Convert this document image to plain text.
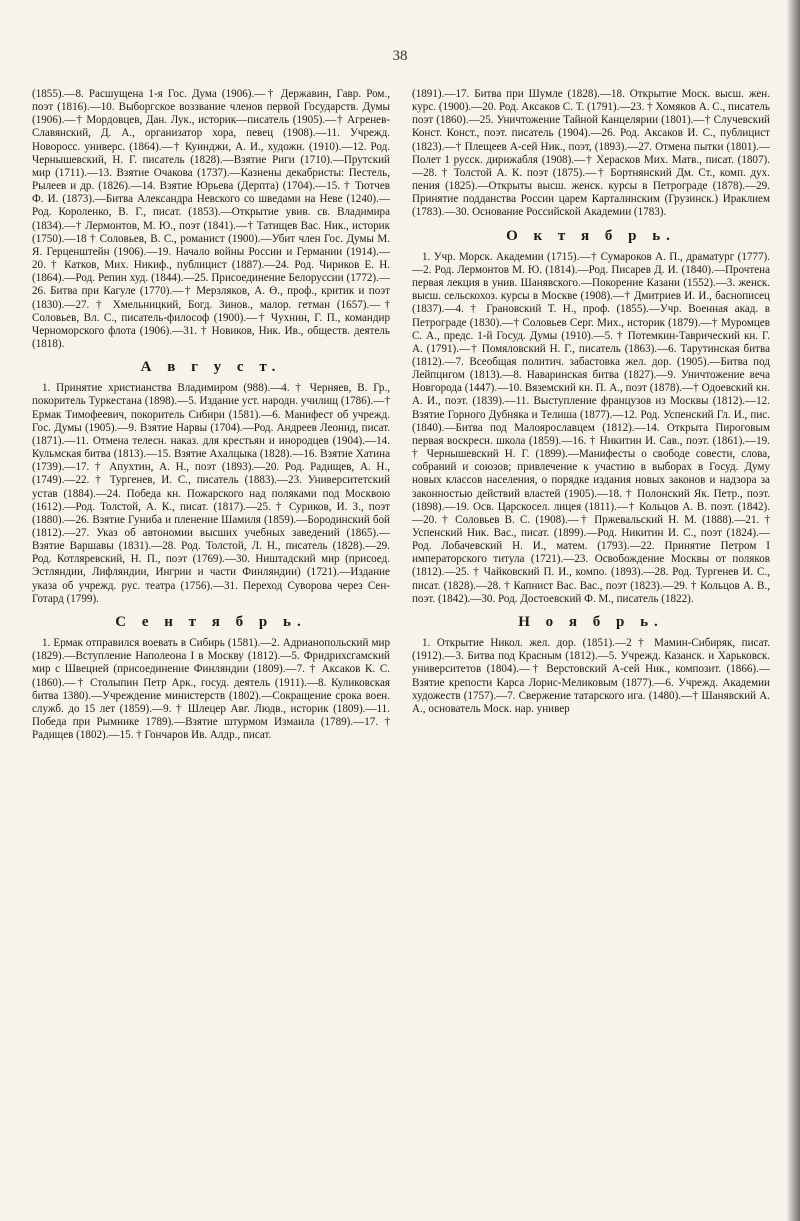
38

(1855).—8. Расшущена 1-я Гос. Дума (1906).—† Державин, Гавр. Ром., поэт (1816).—10. Выборгское воззвание членов первой Государств. Думы (1906).—† Мордовцев, Дан. Лук., историк—писатель (1905).—† Агренев-Славянский, Д. А., организатор хора, певец (1908).—11. Учрежд. Новоросс. универс. (1864).—† Куинджи, А. И., художн. (1910).—12. Род. Чернышевский, Н. Г. писатель (1828).—Взятие Риги (1710).—Прутский мир (1711).—13. Взятие Очакова (1737).—Казнены декабристы: Пестель, Рылеев и др. (1826).—14. Взятие Юрьева (Дерпта) (1704).—15. † Тютчев Ф. И. (1873).—Битва Александра Невского со шведами на Неве (1240).—Род. Короленко, В. Г., писат. (1853).—Открытие увив. св. Владимира (1834).—† Лермонтов, М. Ю., поэт (1841).—† Татищев Вас. Ник., историк (1750).—18 † Соловьев, В. С., романист (1900).—Убит член Гос. Думы М. Я. Герценштейн (1906).—19. Начало войны России и Германии (1914).—20. † Катков, Мих. Никиф., публицист (1887).—24. Род. Чириков Е. Н. (1864).—Род. Репин худ. (1844).—25. Присоединение Белоруссии (1772).—26. Битва при Кагуле (1770).—† Мерзляков, А. Ө., проф., критик и поэт (1830).—27. † Хмельницкий, Богд. Зинов., малор. гетман (1657).—† Соловьев, Вл. С., писатель-философ (1900).—† Чухнин, Г. П., командир Черноморского флота (1906).—31. † Новиков, Ник. Ив., обществ. деятель (1818).

А в г у с т.

1. Принятие христианства Владимиром (988).—4. † Черняев, В. Гр., покоритель Туркестана (1898).—5. Издание уст. народн. училищ (1786).—† Ермак Тимофеевич, покоритель Сибири (1581).—6. Манифест об учрежд. Гос. Думы (1905).—9. Взятие Нарвы (1704).—Род. Андреев Леонид, писат. (1871).—11. Отмена телесн. наказ. для крестьян и инородцев (1904).—14. Кульмская битва (1813).—15. Взятие Ахалцыка (1828).—16. Взятие Хатина (1739).—17. † Апухтин, А. Н., поэт (1893).—20. Род. Радищев, А. Н., (1749).—22. † Тургенев, И. С., писатель (1883).—23. Университетский устав (1884).—24. Победа кн. Пожарского над поляками под Москвою (1612).—Род. Толстой, А. К., писат. (1817).—25. † Суриков, И. З., поэт (1880).—26. Взятие Гуниба и пленение Шамиля (1859).—Бородинский бой (1812).—27. Указ об автономии высших учебных заведений (1865).—Взятие Варшавы (1831).—28. Род. Толстой, Л. Н., писатель (1828).—29. Род. Котляревский, Н. П., поэт (1769).—30. Ништадский мир (присоед. Эстляндии, Лифляндии, Ингрии и части Финляндии) (1721).—Издание указа об учрежд. рус. театра (1756).—31. Переход Суворова через Сен-Готард (1799).

С е н т я б р ь.

1. Ермак отправился воевать в Сибирь (1581).—2. Адрианопольский мир (1829).—Вступление Наполеона I в Москву (1812).—5. Фридрихсгамский мир с Швецией (присоединение Финляндии (1809).—7. † Аксаков К. С. (1860).—† Столыпин Петр Арк., госуд. деятель (1911).—8. Куликовская битва 1380).—Учреждение министерств (1802).—Сокращение срока воен. служб. до 15 лет (1859).—9. † Шлецер Авг. Людв., историк (1809).—11. Победа при Рымнике 1789).—Взятие штурмом Измаила (1789).—17. † Радищев (1802).—15. † Гончаров Ив. Алдр., писат.

(1891).—17. Битва при Шумле (1828).—18. Открытие Моск. высш. жен. курс. (1900).—20. Род. Аксаков С. Т. (1791).—23. † Хомяков А. С., писатель поэт (1860).—25. Уничтожение Тайной Канцелярии (1801).—† Случевский Конст. Конст., поэт. писатель (1904).—26. Род. Аксаков И. С., публицист (1823).—† Плещеев А-сей Ник., поэт, (1893).—27. Отмена пытки (1801).—Полет 1 русск. дирижабля (1908).—† Херасков Мих. Матв., писат. (1807).—28. † Толстой А. К. поэт (1875).—† Бортнянский Дм. Ст., комп. дух. пения (1825).—Открыты высш. женск. курсы в Петрограде (1878).—29. Принятие подданства России царем Карталинским (Грузинск.) Ираклием (1783).—30. Основание Российской Академии (1783).

О к т я б р ь.

1. Учр. Морск. Академии (1715).—† Сумароков А. П., драматург (1777).—2. Род. Лермонтов М. Ю. (1814).—Род. Писарев Д. И. (1840).—Прочтена первая лекция в унив. Шанявского.—Покорение Казани (1552).—3. женск. высш. сельскохоз. курсы в Москве (1908).—† Дмитриев И. И., баснописец (1837).—4. † Грановский Т. Н., проф. (1855).—Учр. Военная акад. в Петрограде (1830).—† Соловьев Серг. Мих., историк (1879).—† Муромцев С. А., предс. 1-й Госуд. Думы (1910).—5. † Потемкин-Таврический кн. Г. А. (1791).—† Помяловский Н. Г., писатель (1863).—6. Тарутинская битва (1812).—7. Всеобщая политич. забастовка жел. дор. (1905).—Битва под Лейпцигом (1813).—8. Наваринская битва (1827).—9. Уничтожение веча Новгорода (1447).—10. Вяземский кн. П. А., поэт (1878).—† Одоевский кн. А. И., поэт. (1839).—11. Выступление французов из Москвы (1812).—12. Взятие Горного Дубняка и Телиша (1877).—12. Род. Успенский Гл. И., пис. (1840).—Битва под Малоярославцем (1812).—14. Открыта Пироговым первая воскресн. школа (1859).—16. † Никитин И. Сав., поэт. (1861).—19. † Чернышевский Н. Г. (1899).—Манифесты о свободе совести, слова, собраний и союзов; привлечение к участию в выборах в Госуд. Думу новых классов населения, о порядке издания новых законов и надзора за законностью действий властей (1905).—18. † Полонский Як. Петр., поэт. (1898).—19. Осв. Царскосел. лицея (1811).—† Кольцов А. В. поэт. (1842).—20. † Соловьев В. С. (1908).—† Пржевальский Н. М. (1888).—21. † Успенский Ник. Вас., писат. (1899).—Род. Никитин И. С., поэт (1824).—Род. Лобачевский Н. И., матем. (1793).—22. Принятие Петром I императорского титула (1721).—23. Освобождение Москвы от поляков (1812).—25. † Чайковский П. И., компо. (1893).—28. Род. Тургенев И. С., писат. (1828).—28. † Капнист Вас. Вас., поэт (1823).—29. † Кольцов А. В., поэт. (1842).—30. Род. Достоевский Ф. М., писатель (1822).

Н о я б р ь.

1. Открытие Никол. жел. дор. (1851).—2 † Мамин-Сибиряк, писат. (1912).—3. Битва под Красным (1812).—5. Учрежд. Казанск. и Харьковск. университетов (1804).—† Верстовский А-сей Ник., композит. (1866).—Взятие крепости Карса Лорис-Меликовым (1877).—6. Учрежд. Академии художеств (1757).—7. Свержение татарского ига. (1480).—† Шанявский А. А., основатель Моск. нар. универ
